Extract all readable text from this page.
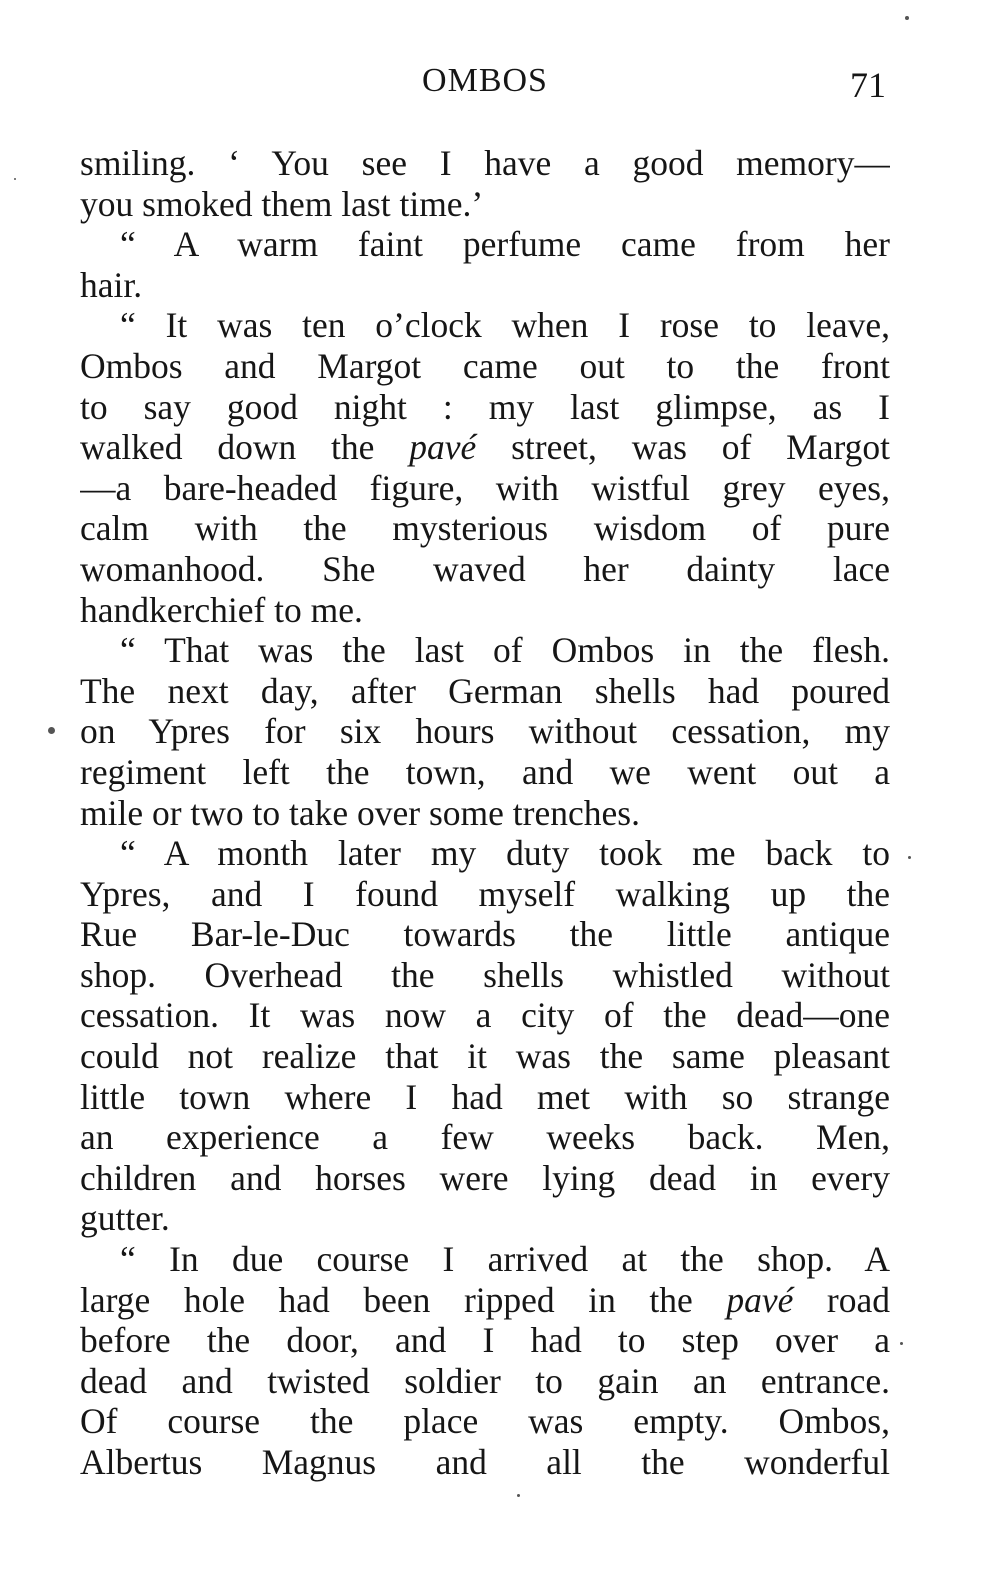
OMBOS	71
smiling. ‘ You see I have a good memory—
you smoked them last time.’
“ A warm faint perfume came from her
hair.
“ It was ten o’clock when I rose to leave,
Ombos and Margot came out to the front
to say good night : my last glimpse, as I
walked down the pavé street, was of Margot
—a bare-headed figure, with wistful grey eyes,
calm with the mysterious wisdom of pure
womanhood. She waved her dainty lace
handkerchief to me.
“ That was the last of Ombos in the flesh.
The next day, after German shells had poured
on Ypres for six hours without cessation, my
regiment left the town, and we went out a
mile or two to take over some trenches.
“ A month later my duty took me back to
Ypres, and I found myself walking up the
Rue Bar-le-Duc towards the little antique
shop. Overhead the shells whistled without
cessation. It was now a city of the dead—one
could not realize that it was the same pleasant
little town where I had met with so strange
an experience a few weeks back. Men,
children and horses were lying dead in every
gutter.
“ In due course I arrived at the shop. A
large hole had been ripped in the pavé road
before the door, and I had to step over a
dead and twisted soldier to gain an entrance.
Of course the place was empty. Ombos,
Albertus Magnus and all the wonderful
